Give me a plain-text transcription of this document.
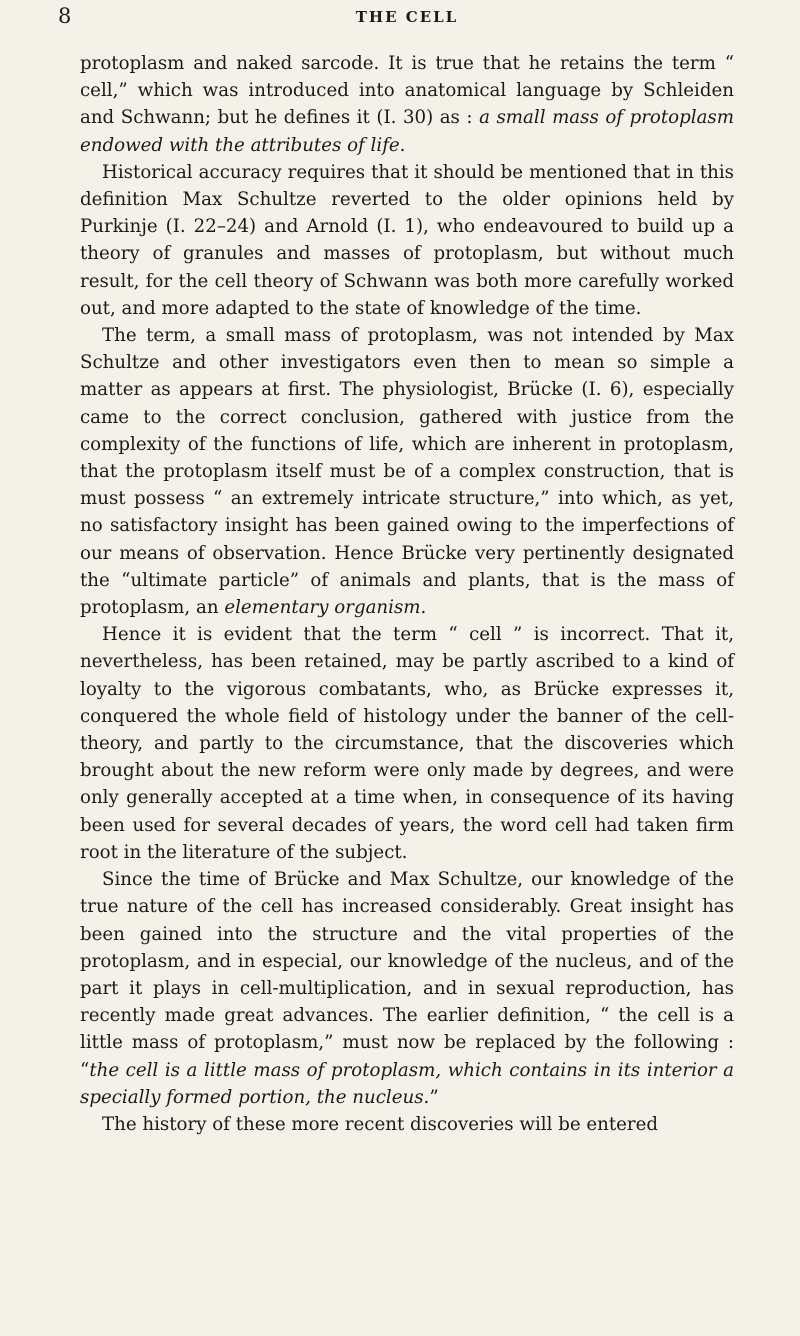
8	THE CELL

protoplasm and naked sarcode. It is true that he retains the term “ cell,” which was introduced into anatomical language by Schleiden and Schwann; but he defines it (I. 30) as : a small mass of protoplasm endowed with the attributes of life.

Historical accuracy requires that it should be mentioned that in this definition Max Schultze reverted to the older opinions held by Purkinje (I. 22–24) and Arnold (I. 1), who endeavoured to build up a theory of granules and masses of protoplasm, but without much result, for the cell theory of Schwann was both more carefully worked out, and more adapted to the state of knowledge of the time.

The term, a small mass of protoplasm, was not intended by Max Schultze and other investigators even then to mean so simple a matter as appears at first. The physiologist, Brücke (I. 6), especially came to the correct conclusion, gathered with justice from the complexity of the functions of life, which are inherent in protoplasm, that the protoplasm itself must be of a complex construction, that is must possess “ an extremely intricate structure,” into which, as yet, no satisfactory insight has been gained owing to the imperfections of our means of observation. Hence Brücke very pertinently designated the “ultimate particle” of animals and plants, that is the mass of protoplasm, an elementary organism.

Hence it is evident that the term “ cell ” is incorrect. That it, nevertheless, has been retained, may be partly ascribed to a kind of loyalty to the vigorous combatants, who, as Brücke expresses it, conquered the whole field of histology under the banner of the cell-theory, and partly to the circumstance, that the discoveries which brought about the new reform were only made by degrees, and were only generally accepted at a time when, in consequence of its having been used for several decades of years, the word cell had taken firm root in the literature of the subject.

Since the time of Brücke and Max Schultze, our knowledge of the true nature of the cell has increased considerably. Great insight has been gained into the structure and the vital properties of the protoplasm, and in especial, our knowledge of the nucleus, and of the part it plays in cell-multiplication, and in sexual reproduction, has recently made great advances. The earlier definition, “ the cell is a little mass of protoplasm,” must now be replaced by the following : “the cell is a little mass of protoplasm, which contains in its interior a specially formed portion, the nucleus.”

The history of these more recent discoveries will be entered
